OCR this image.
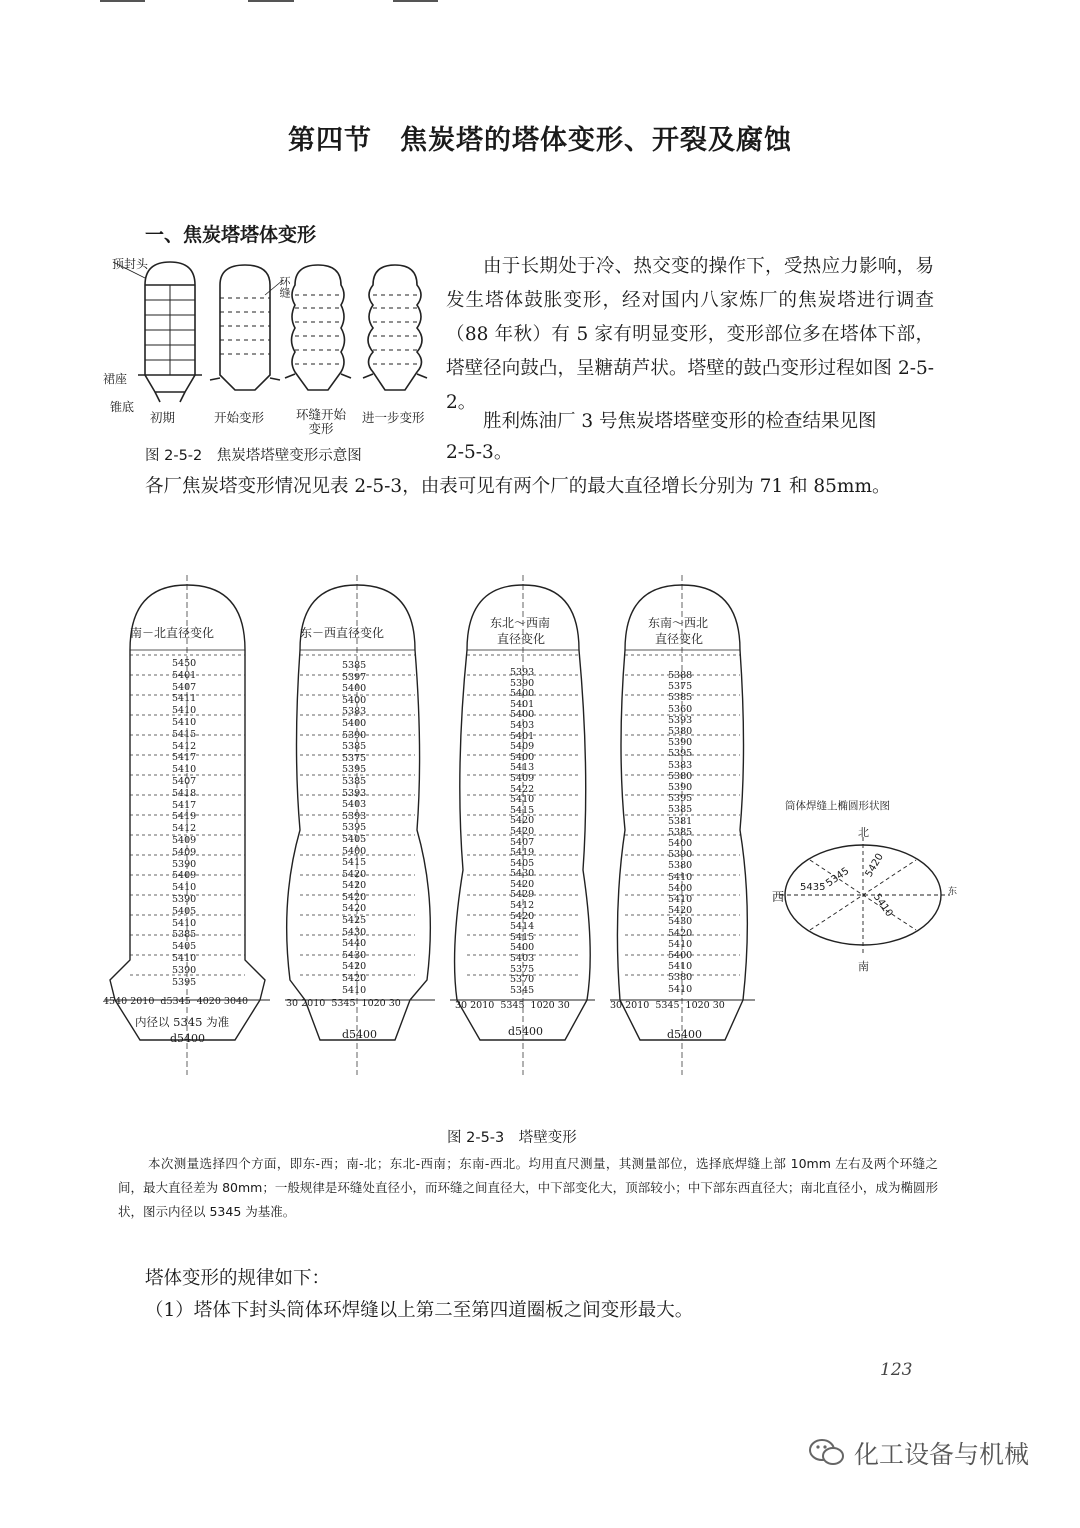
第四节　焦炭塔的塔体变形、开裂及腐蚀
一、焦炭塔塔体变形
顶封头
环缝
裙座
锥底
初期	开始变形	环缝开始变形
进一步变形
图 2-5-2　焦炭塔塔壁变形示意图
由于长期处于冷、热交变的操作下，受热应力影响，易发生塔体鼓胀变形，经对国内八家炼厂的焦炭塔进行调查（88 年秋）有 5 家有明显变形，变形部位多在塔体下部，塔壁径向鼓凸，呈糖葫芦状。塔壁的鼓凸变形过程如图 2-5-2。
胜利炼油厂 3 号焦炭塔塔壁变形的检查结果见图
2-5-3。
各厂焦炭塔变形情况见表 2-5-3，由表可见有两个厂的最大直径增长分别为 71 和 85mm。
南－北直径变化	东－西直径变化
东北～西南
直径变化
东南～西北
直径变化
5450
5401
5407
5411
5410
5410
5415
5412
5417
5410
5407
5418
5417
5419
5412
5409
5409
5390
5409
5410
5390
5405
5410
5385
5405
5410
5390
5395
5385
5397
5400
5400
5383
5400
5390
5385
5375
5395
5385
5393
5403
5393
5395
5405
5400
5415
5420
5420
5420
5420
5425
5430
5440
5430
5420
5420
5410
5393
5390
5400
5401
5400
5403
5401
5409
5400
5413
5409
5422
5410
5415
5420
5420
5407
5419
5405
5430
5420
5429
5412
5420
5414
5415
5400
5403
5375
5370
5345
5388
5375
5385
5360
5393
5380
5390
5395
5383
5380
5390
5395
5385
5381
5385
5400
5390
5380
5410
5400
5410
5420
5430
5420
5410
5400
5410
5380
5410
4540 2010  d5345  4020 3040
内径以 5345 为准
d5400
30 2010  5345  1020 30
d5400
30 2010  5345  1020 30
d5400
30 2010  5345  1020 30
d5400
筒体焊缝上椭圆形状图
北
西	东
南
5435
5345 5420
5410
图 2-5-3　塔壁变形
本次测量选择四个方面，即东-西；南-北；东北-西南；东南-西北。均用直尺测量，其测量部位，选择底焊缝上部 10mm 左右及两个环缝之间，最大直径差为 80mm；一般规律是环缝处直径小，而环缝之间直径大，中下部变化大，顶部较小；中下部东西直径大；南北直径小，成为椭圆形状，图示内径以 5345 为基准。
塔体变形的规律如下：
（1）塔体下封头筒体环焊缝以上第二至第四道圈板之间变形最大。
123
化工设备与机械
